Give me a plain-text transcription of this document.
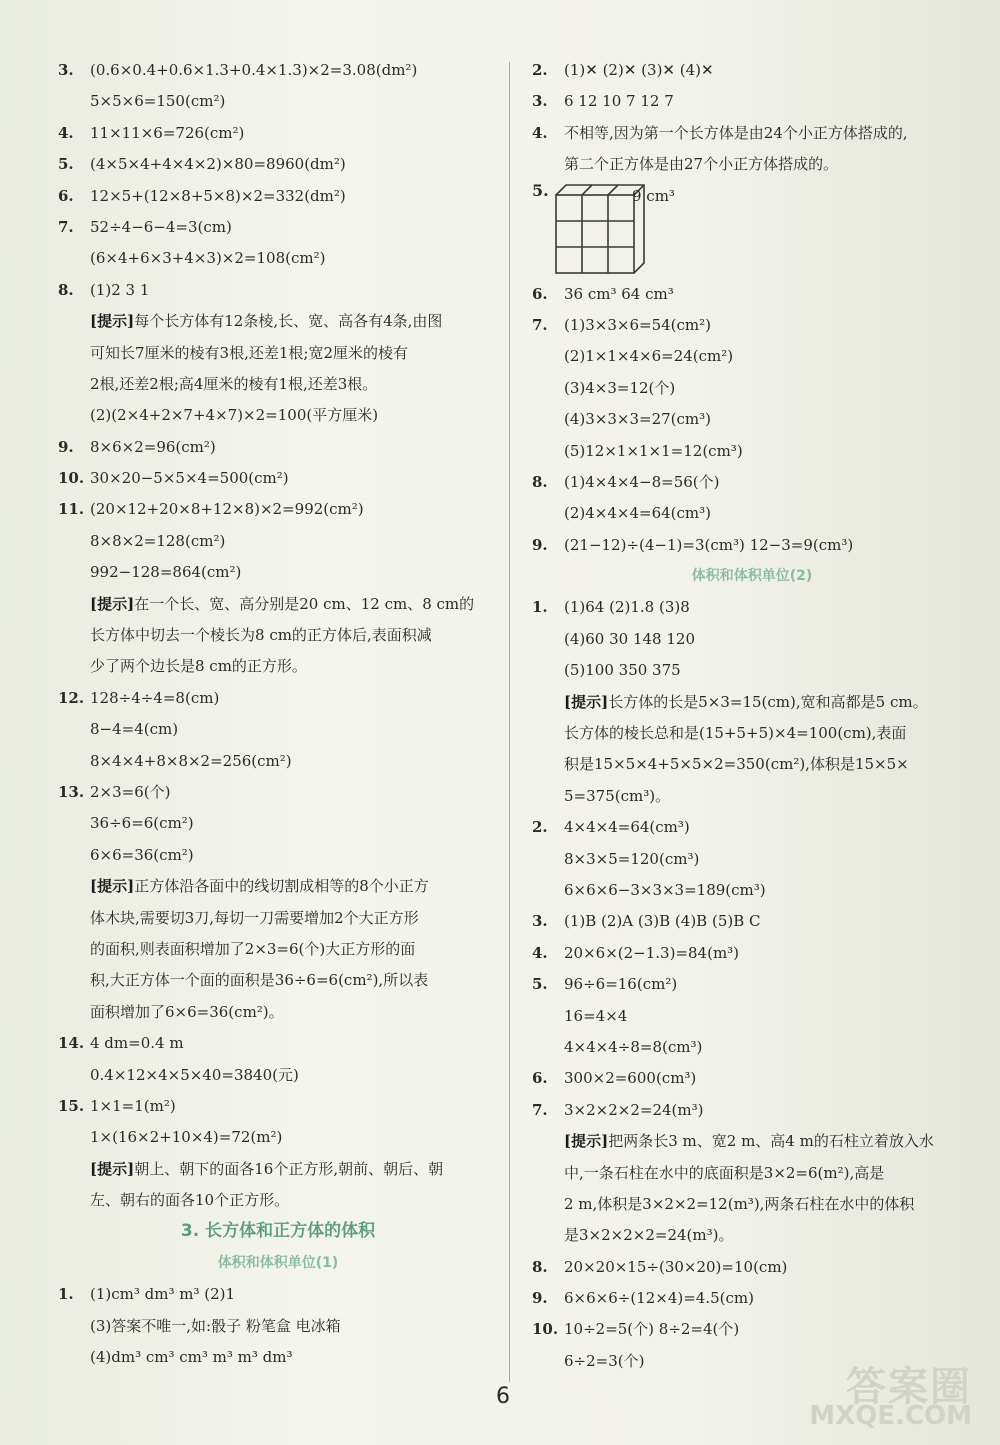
3. (0.6×0.4+0.6×1.3+0.4×1.3)×2=3.08(dm²)
5×5×6=150(cm²)
4. 11×11×6=726(cm²)
5. (4×5×4+4×4×2)×80=8960(dm²)
6. 12×5+(12×8+5×8)×2=332(dm²)
7. 52÷4−6−4=3(cm)
(6×4+6×3+4×3)×2=108(cm²)
8. (1)2 3 1
[ 提示 ] 每个长方体有12条棱,长、宽、高各有4条,由图
可知长7厘米的棱有3根,还差1根;宽2厘米的棱有
2根,还差2根;高4厘米的棱有1根,还差3根。
(2)(2×4+2×7+4×7)×2=100(平方厘米)
9. 8×6×2=96(cm²)
10. 30×20−5×5×4=500(cm²)
11. (20×12+20×8+12×8)×2=992(cm²)
8×8×2=128(cm²)
992−128=864(cm²)
[ 提示 ] 在一个长、宽、高分别是20 cm、12 cm、8 cm的
长方体中切去一个棱长为8 cm的正方体后,表面积减
少了两个边长是8 cm的正方形。
12. 128÷4÷4=8(cm)
8−4=4(cm)
8×4×4+8×8×2=256(cm²)
13. 2×3=6(个)
36÷6=6(cm²)
6×6=36(cm²)
[ 提示 ] 正方体沿各面中的线切割成相等的8个小正方
体木块,需要切3刀,每切一刀需要增加2个大正方形
的面积,则表面积增加了2×3=6(个)大正方形的面
积,大正方体一个面的面积是36÷6=6(cm²),所以表
面积增加了6×6=36(cm²)。
14. 4 dm=0.4 m
0.4×12×4×5×40=3840(元)
15. 1×1=1(m²)
1×(16×2+10×4)=72(m²)
[ 提示 ] 朝上、朝下的面各16个正方形,朝前、朝后、朝
左、朝右的面各10个正方形。
3. 长方体和正方体的体积
体积和体积单位(1)
1. (1)cm³ dm³ m³ (2)1
(3)答案不唯一,如:骰子 粉笔盒 电冰箱
(4)dm³ cm³ cm³ m³ m³ dm³
2. (1)✕ (2)✕ (3)✕ (4)✕
3. 6 12 10 7 12 7
4. 不相等,因为第一个长方体是由24个小正方体搭成的,
第二个正方体是由27个小正方体搭成的。
5.	9 cm³
6. 36 cm³ 64 cm³
7. (1)3×3×6=54(cm²)
(2)1×1×4×6=24(cm²)
(3)4×3=12(个)
(4)3×3×3=27(cm³)
(5)12×1×1×1=12(cm³)
8. (1)4×4×4−8=56(个)
(2)4×4×4=64(cm³)
9. (21−12)÷(4−1)=3(cm³) 12−3=9(cm³)
体积和体积单位(2)
1. (1)64 (2)1.8 (3)8
(4)60 30 148 120
(5)100 350 375
[ 提示 ] 长方体的长是5×3=15(cm),宽和高都是5 cm。
长方体的棱长总和是(15+5+5)×4=100(cm),表面
积是15×5×4+5×5×2=350(cm²),体积是15×5×
5=375(cm³)。
2. 4×4×4=64(cm³)
8×3×5=120(cm³)
6×6×6−3×3×3=189(cm³)
3. (1)B (2)A (3)B (4)B (5)B C
4. 20×6×(2−1.3)=84(m³)
5. 96÷6=16(cm²)
16=4×4
4×4×4÷8=8(cm³)
6. 300×2=600(cm³)
7. 3×2×2×2=24(m³)
[ 提示 ] 把两条长3 m、宽2 m、高4 m的石柱立着放入水
中,一条石柱在水中的底面积是3×2=6(m²),高是
2 m,体积是3×2×2=12(m³),两条石柱在水中的体积
是3×2×2×2=24(m³)。
8. 20×20×15÷(30×20)=10(cm)
9. 6×6×6÷(12×4)=4.5(cm)
10. 10÷2=5(个) 8÷2=4(个)
6÷2=3(个)
6	答案圈
MXQE.COM
